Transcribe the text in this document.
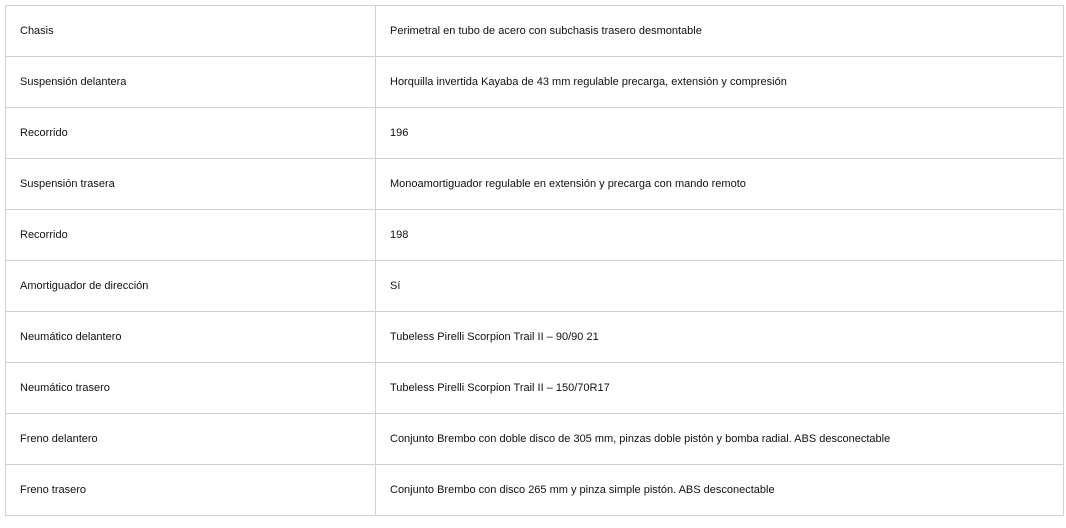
Chasis	Perimetral en tubo de acero con subchasis trasero desmontable
Suspensión delantera	Horquilla invertida Kayaba de 43 mm regulable precarga, extensión y compresión
Recorrido	196
Suspensión trasera	Monoamortiguador regulable en extensión y precarga con mando remoto
Recorrido	198
Amortiguador de dirección	Sí
Neumático delantero	Tubeless Pirelli Scorpion Trail II – 90/90 21
Neumático trasero	Tubeless Pirelli Scorpion Trail II – 150/70R17
Freno delantero	Conjunto Brembo con doble disco de 305 mm, pinzas doble pistón y bomba radial. ABS desconectable
Freno trasero	Conjunto Brembo con disco 265 mm y pinza simple pistón. ABS desconectable
